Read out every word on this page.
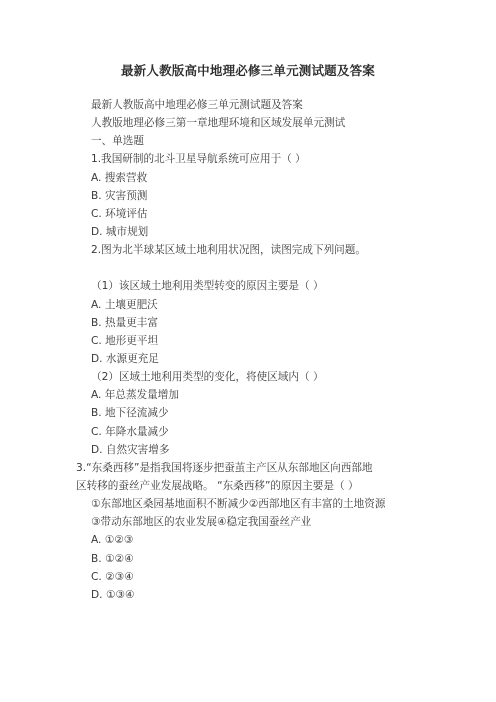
最新人教版高中地理必修三单元测试题及答案
最新人教版高中地理必修三单元测试题及答案
人教版地理必修三第一章地理环境和区域发展单元测试
一、单选题
1.我国研制的北斗卫星导航系统可应用于（ ）
A. 搜索营救
B. 灾害预测
C. 环境评估
D. 城市规划
2.图为北半球某区域土地利用状况图，读图完成下列问题。
（1）该区域土地利用类型转变的原因主要是（ ）
A. 土壤更肥沃
B. 热量更丰富
C. 地形更平坦
D. 水源更充足
（2）区域土地利用类型的变化，将使区域内（ ）
A. 年总蒸发量增加
B. 地下径流减少
C. 年降水量减少
D. 自然灾害增多
3.“东桑西移”是指我国将逐步把蚕茧主产区从东部地区向西部地
区转移的蚕丝产业发展战略。 “东桑西移”的原因主要是（ ）
①东部地区桑园基地面积不断减少②西部地区有丰富的土地资源
③带动东部地区的农业发展④稳定我国蚕丝产业
A. ①②③
B. ①②④
C. ②③④
D. ①③④
